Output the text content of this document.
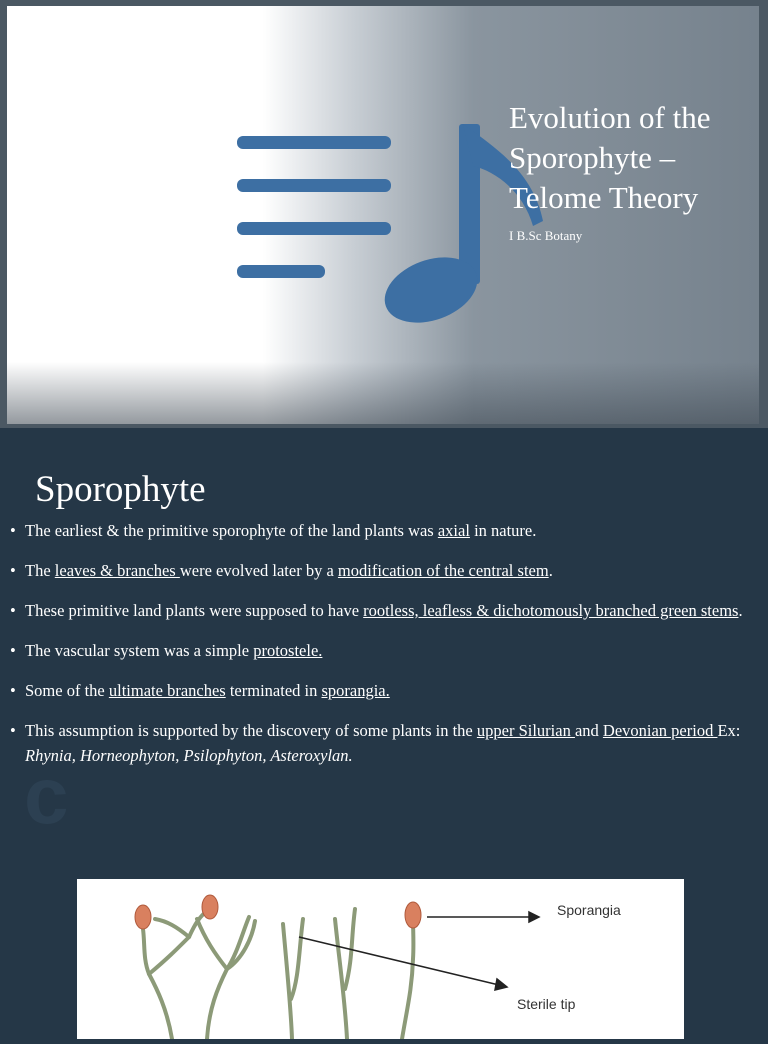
Evolution of the Sporophyte – Telome Theory
I B.Sc Botany
c
Sporophyte
• The earliest & the primitive sporophyte of the land plants was axial in nature.
• The leaves & branches were evolved later by a modification of the central stem.
• These primitive land plants were supposed to have rootless, leafless & dichotomously branched green stems.
• The vascular system was a simple protostele.
• Some of the ultimate branches terminated in sporangia.
• This assumption is supported by the discovery of some plants in the upper Silurian and Devonian period Ex: Rhynia, Horneophyton, Psilophyton, Asteroxylan.
Sporangia
Sterile tip
